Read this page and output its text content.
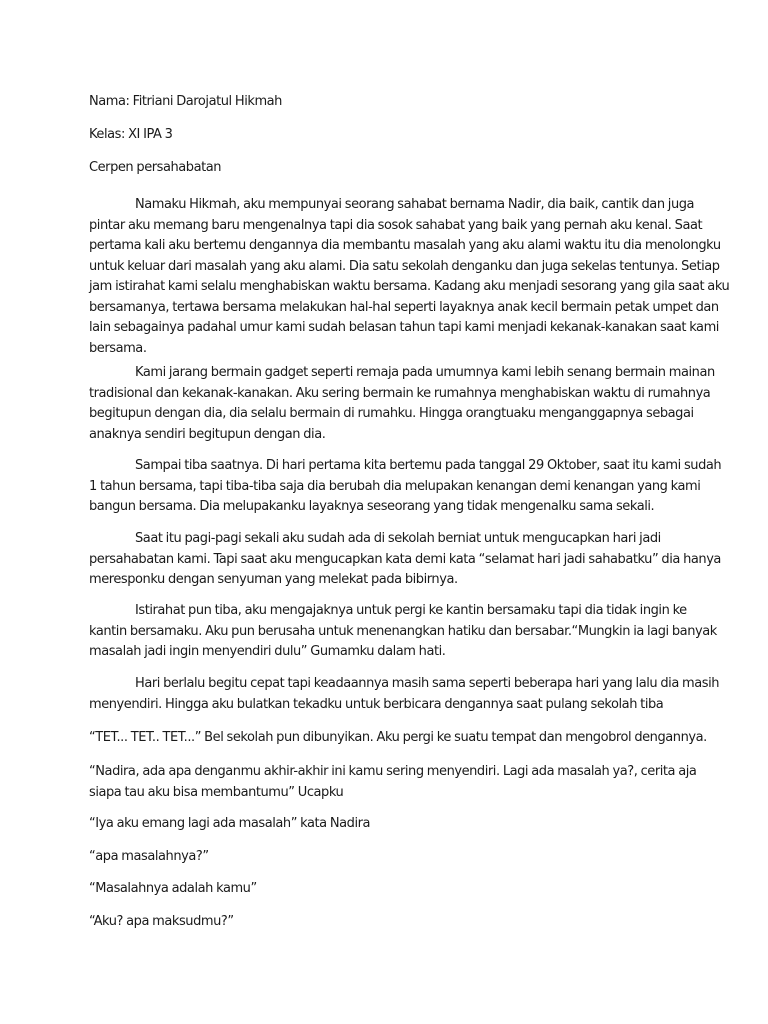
Nama: Fitriani Darojatul Hikmah

Kelas: XI IPA 3

Cerpen persahabatan

Namaku Hikmah, aku mempunyai seorang sahabat bernama Nadir, dia baik, cantik dan juga
pintar aku memang baru mengenalnya tapi dia sosok sahabat yang baik yang pernah aku kenal. Saat
pertama kali aku bertemu dengannya dia membantu masalah yang aku alami waktu itu dia menolongku
untuk keluar dari masalah yang aku alami. Dia satu sekolah denganku dan juga sekelas tentunya. Setiap
jam istirahat kami selalu menghabiskan waktu bersama. Kadang aku menjadi sesorang yang gila saat aku
bersamanya, tertawa bersama melakukan hal-hal seperti layaknya anak kecil bermain petak umpet dan
lain sebagainya padahal umur kami sudah belasan tahun tapi kami menjadi kekanak-kanakan saat kami
bersama.

Kami jarang bermain gadget seperti remaja pada umumnya kami lebih senang bermain mainan
tradisional dan kekanak-kanakan. Aku sering bermain ke rumahnya menghabiskan waktu di rumahnya
begitupun dengan dia, dia selalu bermain di rumahku. Hingga orangtuaku menganggapnya sebagai
anaknya sendiri begitupun dengan dia.

Sampai tiba saatnya. Di hari pertama kita bertemu pada tanggal 29 Oktober, saat itu kami sudah
1 tahun bersama, tapi tiba-tiba saja dia berubah dia melupakan kenangan demi kenangan yang kami
bangun bersama. Dia melupakanku layaknya seseorang yang tidak mengenalku sama sekali.

Saat itu pagi-pagi sekali aku sudah ada di sekolah berniat untuk mengucapkan hari jadi
persahabatan kami. Tapi saat aku mengucapkan kata demi kata “selamat hari jadi sahabatku” dia hanya
meresponku dengan senyuman yang melekat pada bibirnya.

Istirahat pun tiba, aku mengajaknya untuk pergi ke kantin bersamaku tapi dia tidak ingin ke
kantin bersamaku. Aku pun berusaha untuk menenangkan hatiku dan bersabar.“Mungkin ia lagi banyak
masalah jadi ingin menyendiri dulu” Gumamku dalam hati.

Hari berlalu begitu cepat tapi keadaannya masih sama seperti beberapa hari yang lalu dia masih
menyendiri. Hingga aku bulatkan tekadku untuk berbicara dengannya saat pulang sekolah tiba

“TET... TET.. TET...” Bel sekolah pun dibunyikan. Aku pergi ke suatu tempat dan mengobrol dengannya.

“Nadira, ada apa denganmu akhir-akhir ini kamu sering menyendiri. Lagi ada masalah ya?, cerita aja
siapa tau aku bisa membantumu” Ucapku

“Iya aku emang lagi ada masalah” kata Nadira

“apa masalahnya?”

“Masalahnya adalah kamu”

“Aku? apa maksudmu?”
